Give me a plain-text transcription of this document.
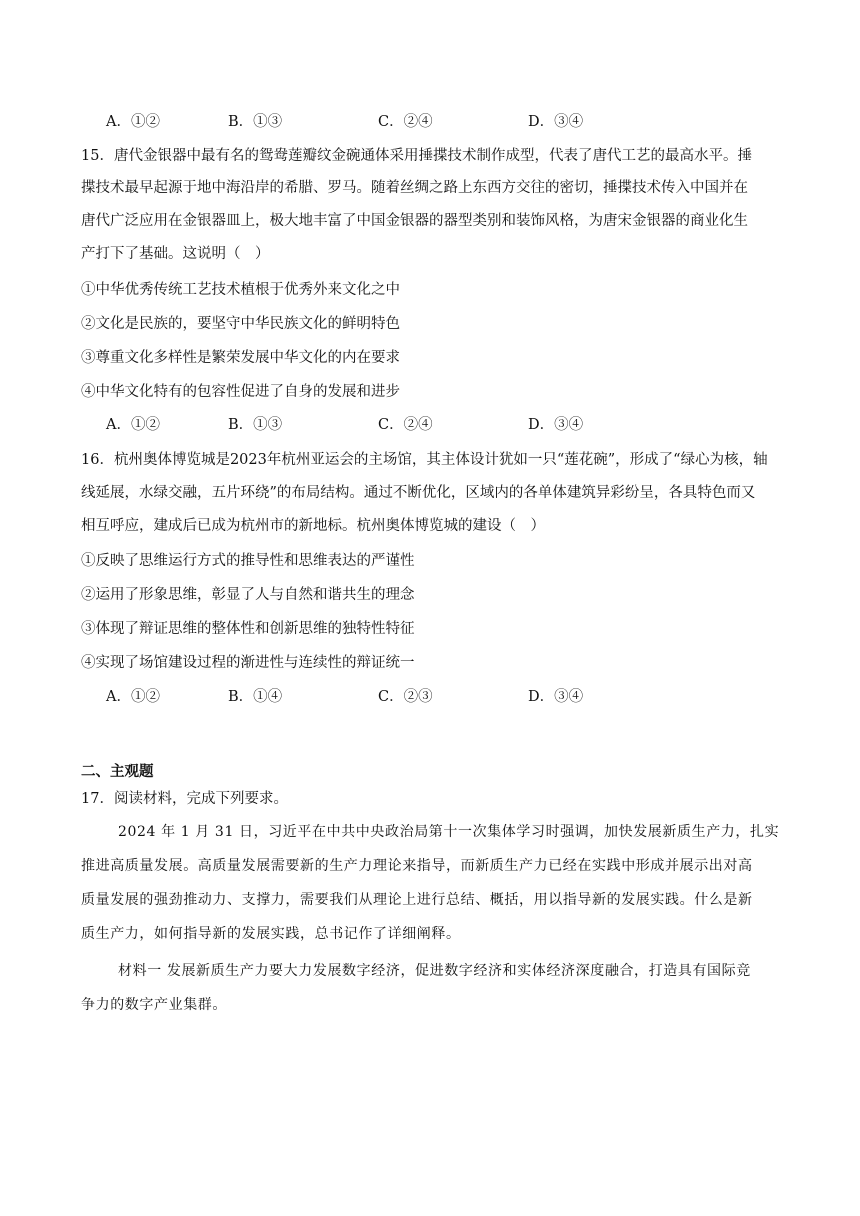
A．①②	B．①③	C．②④	D．③④
15．唐代金银器中最有名的鸳鸯莲瓣纹金碗通体采用捶揲技术制作成型，代表了唐代工艺的最高水平。捶
揲技术最早起源于地中海沿岸的希腊、罗马。随着丝绸之路上东西方交往的密切，捶揲技术传入中国并在
唐代广泛应用在金银器皿上，极大地丰富了中国金银器的器型类别和装饰风格，为唐宋金银器的商业化生
产打下了基础。这说明（　）
①中华优秀传统工艺技术植根于优秀外来文化之中
②文化是民族的，要坚守中华民族文化的鲜明特色
③尊重文化多样性是繁荣发展中华文化的内在要求
④中华文化特有的包容性促进了自身的发展和进步
A．①②	B．①③	C．②④	D．③④
16．杭州奥体博览城是2023年杭州亚运会的主场馆，其主体设计犹如一只“莲花碗”，形成了“绿心为核，轴
线延展，水绿交融，五片环绕”的布局结构。通过不断优化，区域内的各单体建筑异彩纷呈，各具特色而又
相互呼应，建成后已成为杭州市的新地标。杭州奥体博览城的建设（　）
①反映了思维运行方式的推导性和思维表达的严谨性
②运用了形象思维，彰显了人与自然和谐共生的理念
③体现了辩证思维的整体性和创新思维的独特性特征
④实现了场馆建设过程的渐进性与连续性的辩证统一
A．①②	B．①④	C．②③	D．③④
二、主观题
17．阅读材料，完成下列要求。
2024 年 1 月 31 日，习近平在中共中央政治局第十一次集体学习时强调，加快发展新质生产力，扎实
推进高质量发展。高质量发展需要新的生产力理论来指导，而新质生产力已经在实践中形成并展示出对高
质量发展的强劲推动力、支撑力，需要我们从理论上进行总结、概括，用以指导新的发展实践。什么是新
质生产力，如何指导新的发展实践，总书记作了详细阐释。
材料一 发展新质生产力要大力发展数字经济，促进数字经济和实体经济深度融合，打造具有国际竞
争力的数字产业集群。
